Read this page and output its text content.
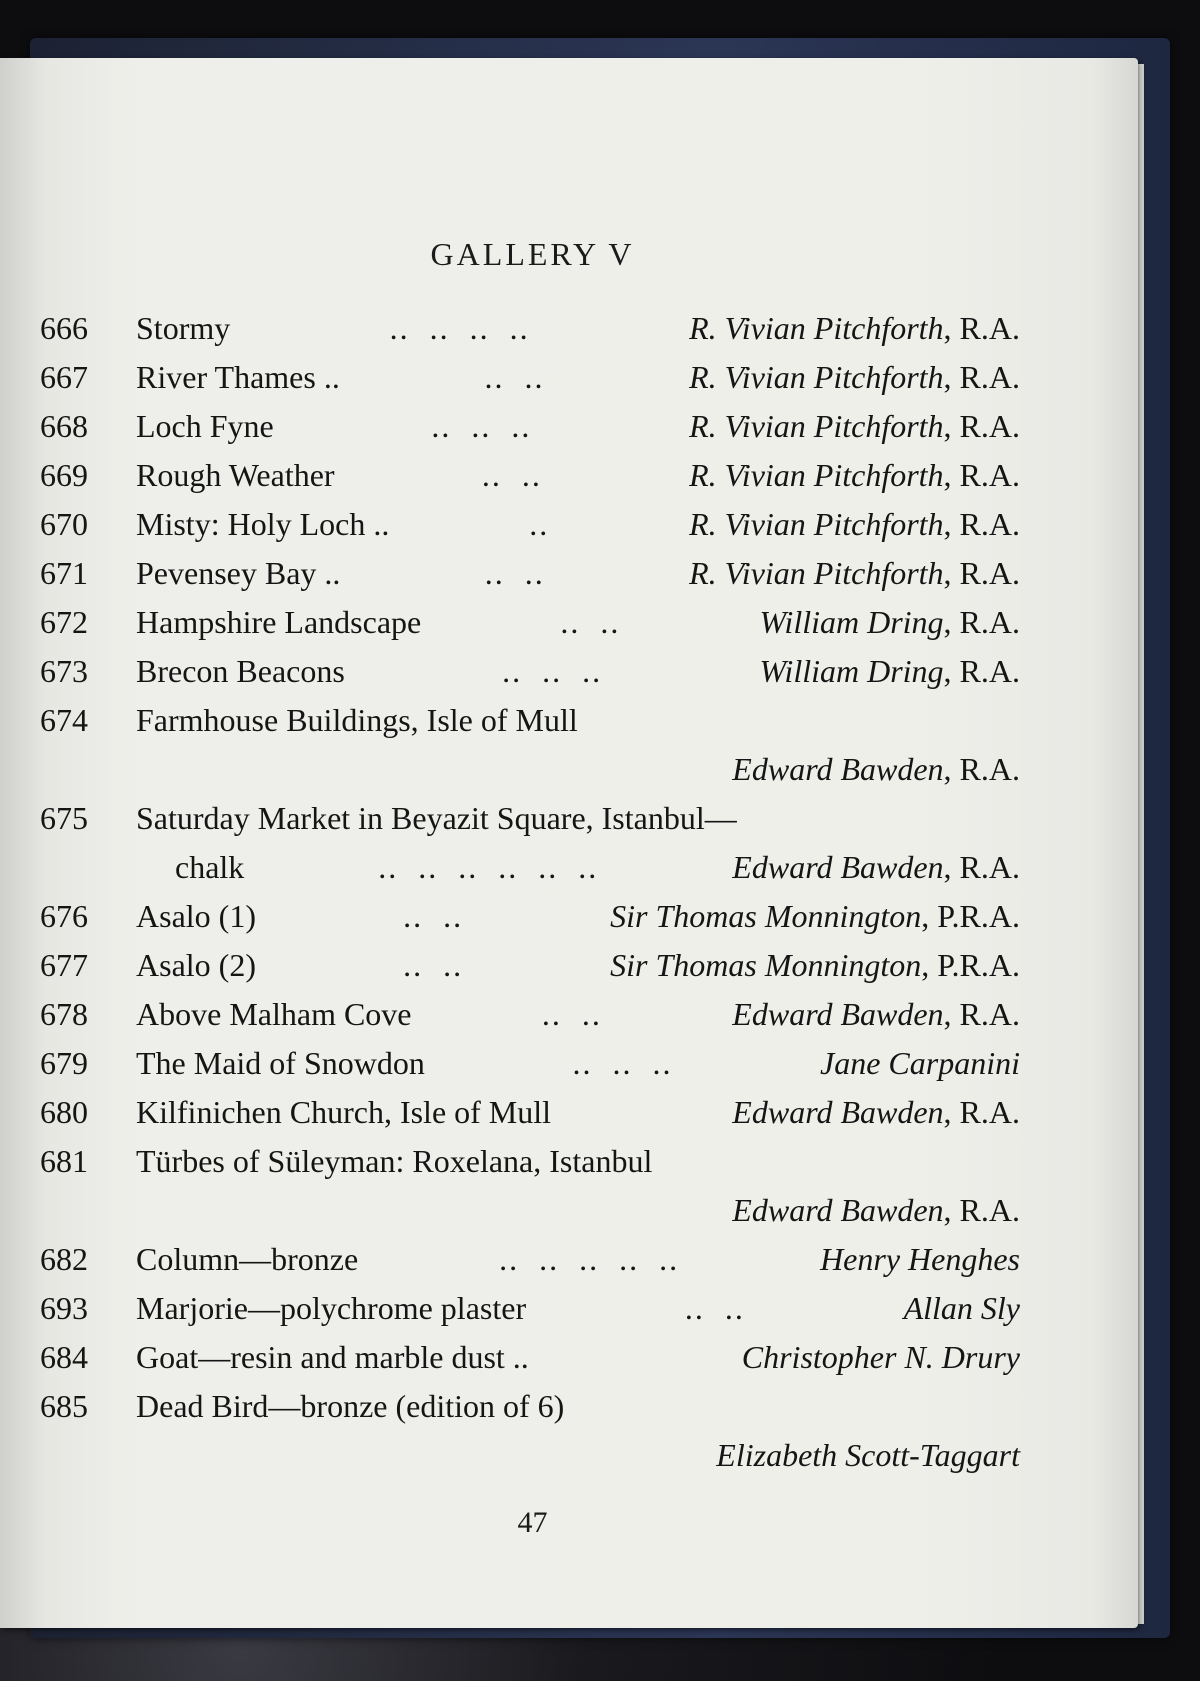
GALLERY V
666 Stormy	..  ..  ..  ..	R. Vivian Pitchforth, R.A.
667 River Thames ..	..  ..	R. Vivian Pitchforth, R.A.
668 Loch Fyne	..  ..  ..	R. Vivian Pitchforth, R.A.
669 Rough Weather	..  ..	R. Vivian Pitchforth, R.A.
670 Misty: Holy Loch ..	..	R. Vivian Pitchforth, R.A.
671 Pevensey Bay ..	..  ..	R. Vivian Pitchforth, R.A.
672 Hampshire Landscape	..  ..	William Dring, R.A.
673 Brecon Beacons	..  ..  ..	William Dring, R.A.
674 Farmhouse Buildings, Isle of Mull
Edward Bawden, R.A.
675 Saturday Market in Beyazit Square, Istanbul—
chalk	..  ..  ..  ..  ..  ..	Edward Bawden, R.A.
676 Asalo (1)	..  ..	Sir Thomas Monnington, P.R.A.
677 Asalo (2)	..  ..	Sir Thomas Monnington, P.R.A.
678 Above Malham Cove	..  ..	Edward Bawden, R.A.
679 The Maid of Snowdon	..  ..  ..	Jane Carpanini
680 Kilfinichen Church, Isle of Mull	Edward Bawden, R.A.
681 Türbes of Süleyman: Roxelana, Istanbul
Edward Bawden, R.A.
682 Column—bronze	..  ..  ..  ..  ..	Henry Henghes
693 Marjorie—polychrome plaster	..  ..	Allan Sly
684 Goat—resin and marble dust ..	Christopher N. Drury
685 Dead Bird—bronze (edition of 6)
Elizabeth Scott-Taggart
47
